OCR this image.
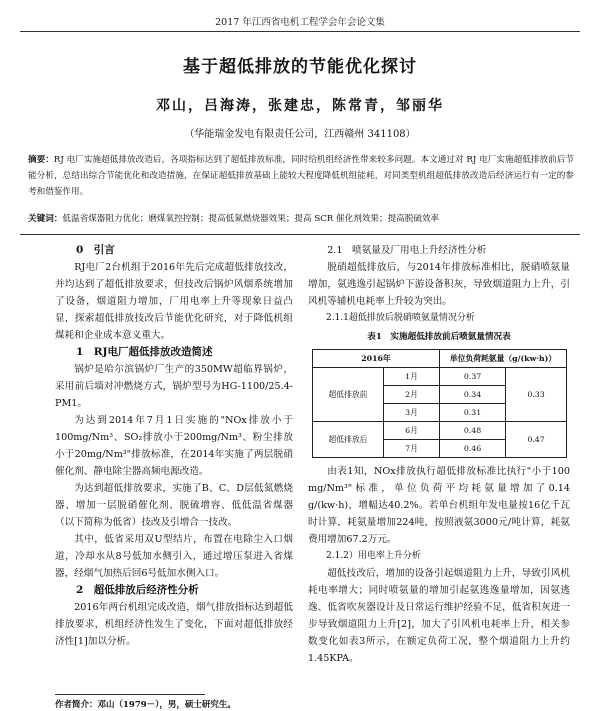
2017 年江西省电机工程学会年会论文集
基于超低排放的节能优化探讨
邓山，吕海涛，张建忠，陈常青，邹丽华
（华能瑞金发电有限责任公司，江西赣州 341108）
摘要：RJ 电厂实施超低排放改造后，各项指标达到了超低排放标准，同时给机组经济性带来较多问题。本文通过对 RJ 电厂实施超低排放前后节能分析，总结出综合节能优化和改造措施，在保证超低排放基础上能较大程度降低机组能耗，对同类型机组超低排放改造后经济运行有一定的参考和借鉴作用。
关键词：低温省煤器阻力优化；磨煤氧控控制；提高低氮燃烧器效果；提高 SCR 催化剂效果；提高脱硫效率

0　引言

RJ电厂2台机组于2016年先后完成超低排放技改，并均达到了超低排放要求，但技改后锅炉风烟系统增加了设备，烟道阻力增加，厂用电率上升等现象日益凸显，探索超低排放技改后节能优化研究，对于降低机组煤耗和企业成本意义重大。

1　RJ电厂超低排放改造简述

锅炉是哈尔滨锅炉厂生产的350MW超临界锅炉，采用前后墙对冲燃烧方式，锅炉型号为HG-1100/25.4-PM1。

为达到2014年7月1日实施的"NOx排放小于100mg/Nm³、SO₂排放小于200mg/Nm³、粉尘排放小于20mg/Nm³"排放标准，在2014年实施了两层脱硝催化剂、静电除尘器高频电源改造。

为达到超低排放要求，实施了B、C、D层低氮燃烧器、增加一层脱硝催化剂、脱硫增容、低低温省煤器（以下简称为低省）技改及引增合一技改。

其中，低省采用双U型结片，布置在电除尘入口烟道，冷却水从8号低加水侧引入，通过增压泵进入省煤器，经烟气加热后回6号低加水侧入口。

2　超低排放后经济性分析

2016年两台机组完成改造，烟气排放指标达到超低排放要求，机组经济性发生了变化，下面对超低排放经济性[1]加以分析。

2.1　喷氨量及厂用电上升经济性分析

脱硝超低排放后，与2014年排放标准相比，脱硝喷氨量增加，氨逃逸引起锅炉下游设备积灰，导致烟道阻力上升，引风机等辅机电耗率上升较为突出。

2.1.1超低排放后脱硝喷氨量情况分析

表1　实施超低排放前后喷氨量情况表
2016年		单位负荷耗氨量（g/(kw·h)）	
超低排放前	1月	0.37	0.33
	2月	0.34	
	3月	0.31	
超低排放后	6月	0.48	0.47
	7月	0.46	

由表1知，NOx排放执行超低排放标准比执行"小于100 mg/Nm³"标准，单位负荷平均耗氨量增加了0.14 g/(kw·h)，增幅达40.2%。若单台机组年发电量按16亿千瓦时计算，耗氨量增加224吨，按照液氨3000元/吨计算，耗氨费用增加67.2万元。

2.1.2）用电率上升分析

超低技改后，增加的设备引起烟道阻力上升，导致引风机耗电率增大；同时喷氨量的增加引起氨逃逸量增加，因氨逃逸、低省吹灰器设计及日常运行维护经验不足，低省积灰进一步导致烟道阻力上升[2]，加大了引风机电耗率上升，相关参数变化如表3所示，在额定负荷工况，整个烟道阻力上升约1.45KPA。

作者简介：邓山（1979－），男，硕士研究生。
